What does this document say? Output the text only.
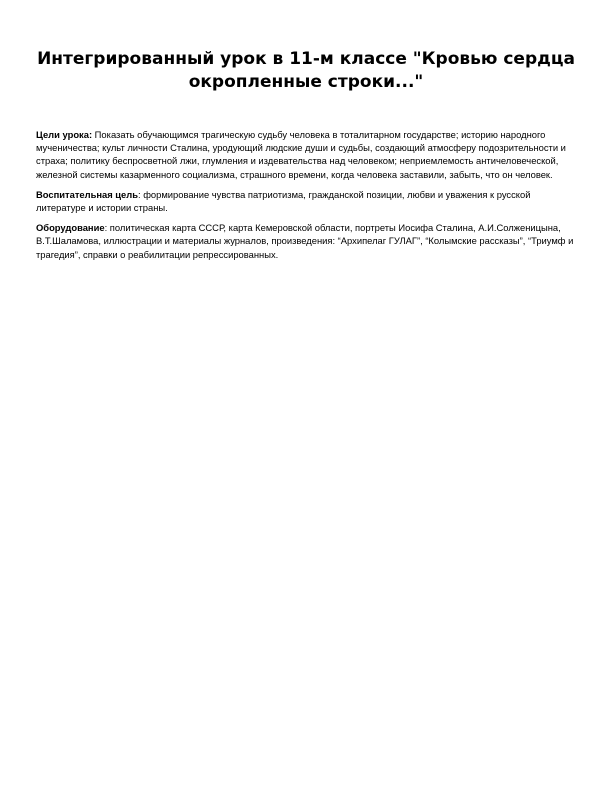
Интегрированный урок в 11-м классе "Кровью сердца окропленные строки..."

Цели урока: Показать обучающимся трагическую судьбу человека в тоталитарном государстве; историю народного мученичества; культ личности Сталина, уродующий людские души и судьбы, создающий атмосферу подозрительности и страха; политику беспросветной лжи, глумления и издевательства над человеком; неприемлемость античеловеческой, железной системы казарменного социализма, страшного времени, когда человека заставили, забыть, что он человек.

Воспитательная цель: формирование чувства патриотизма, гражданской позиции, любви и уважения к русской литературе и истории страны.

Оборудование: политическая карта СССР, карта Кемеровской области, портреты Иосифа Сталина, А.И.Солженицына, В.Т.Шаламова, иллюстрации и материалы журналов, произведения: “Архипелаг ГУЛАГ”, “Колымские рассказы”, “Триумф и трагедия”, справки о реабилитации репрессированных.
